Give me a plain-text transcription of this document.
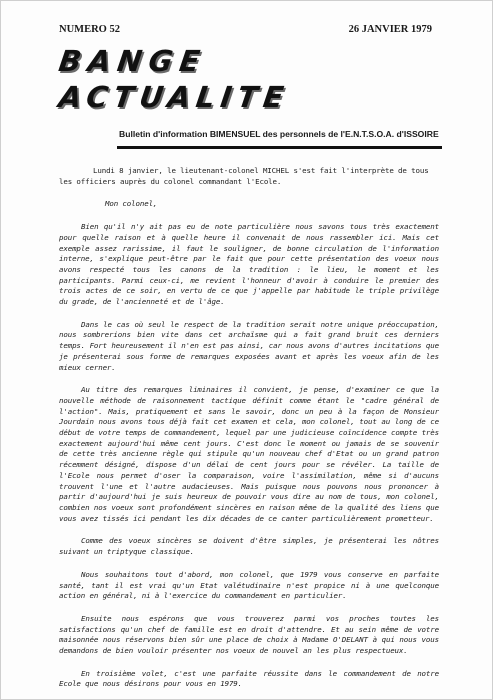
NUMERO 52	26 JANVIER 1979
BANGE
ACTUALITE
Bulletin d'information BIMENSUEL des personnels de l'E.N.T.S.O.A. d'ISSOIRE

Lundi 8 janvier, le lieutenant-colonel MICHEL s'est fait l'interprète de tous les officiers auprès du colonel commandant l'Ecole.

Mon colonel,

Bien qu'il n'y ait pas eu de note particulière nous savons tous très exactement pour quelle raison et à quelle heure il convenait de nous rassembler ici. Mais cet exemple assez rarissime, il faut le souligner, de bonne circulation de l'information interne, s'explique peut-être par le fait que pour cette présentation des voeux nous avons respecté tous les canons de la tradition : le lieu, le moment et les participants. Parmi ceux-ci, me revient l'honneur d'avoir à conduire le premier des trois actes de ce soir, en vertu de ce que j'appelle par habitude le triple privilège du grade, de l'ancienneté et de l'âge.

Dans le cas où seul le respect de la tradition serait notre unique préoccupation, nous sombrerions bien vite dans cet archaïsme qui a fait grand bruit ces derniers temps. Fort heureusement il n'en est pas ainsi, car nous avons d'autres incitations que je présenterai sous forme de remarques exposées avant et après les voeux afin de les mieux cerner.

Au titre des remarques liminaires il convient, je pense, d'examiner ce que la nouvelle méthode de raisonnement tactique définit comme étant le "cadre général de l'action". Mais, pratiquement et sans le savoir, donc un peu à la façon de Monsieur Jourdain nous avons tous déjà fait cet examen et cela, mon colonel, tout au long de ce début de votre temps de commandement, lequel par une judicieuse coïncidence compte très exactement aujourd'hui même cent jours. C'est donc le moment ou jamais de se souvenir de cette très ancienne règle qui stipule qu'un nouveau chef d'Etat ou un grand patron récemment désigné, dispose d'un délai de cent jours pour se révéler. La taille de l'Ecole nous permet d'oser la comparaison, voire l'assimilation, même si d'aucuns trouvent l'une et l'autre audacieuses. Mais puisque nous pouvons nous prononcer à partir d'aujourd'hui je suis heureux de pouvoir vous dire au nom de tous, mon colonel, combien nos voeux sont profondément sincères en raison même de la qualité des liens que vous avez tissés ici pendant les dix décades de ce canter particulièrement prometteur.

Comme des voeux sincères se doivent d'être simples, je présenterai les nôtres suivant un triptyque classique.

Nous souhaitons tout d'abord, mon colonel, que 1979 vous conserve en parfaite santé, tant il est vrai qu'un Etat valétudinaire n'est propice ni à une quelconque action en général, ni à l'exercice du commandement en particulier.

Ensuite nous espérons que vous trouverez parmi vos proches toutes les satisfactions qu'un chef de famille est en droit d'attendre. Et au sein même de votre maisonnée nous réservons bien sûr une place de choix à Madame O'DELANT à qui nous vous demandons de bien vouloir présenter nos voeux de nouvel an les plus respectueux.

En troisième volet, c'est une parfaite réussite dans le commandement de notre Ecole que nous désirons pour vous en 1979.
